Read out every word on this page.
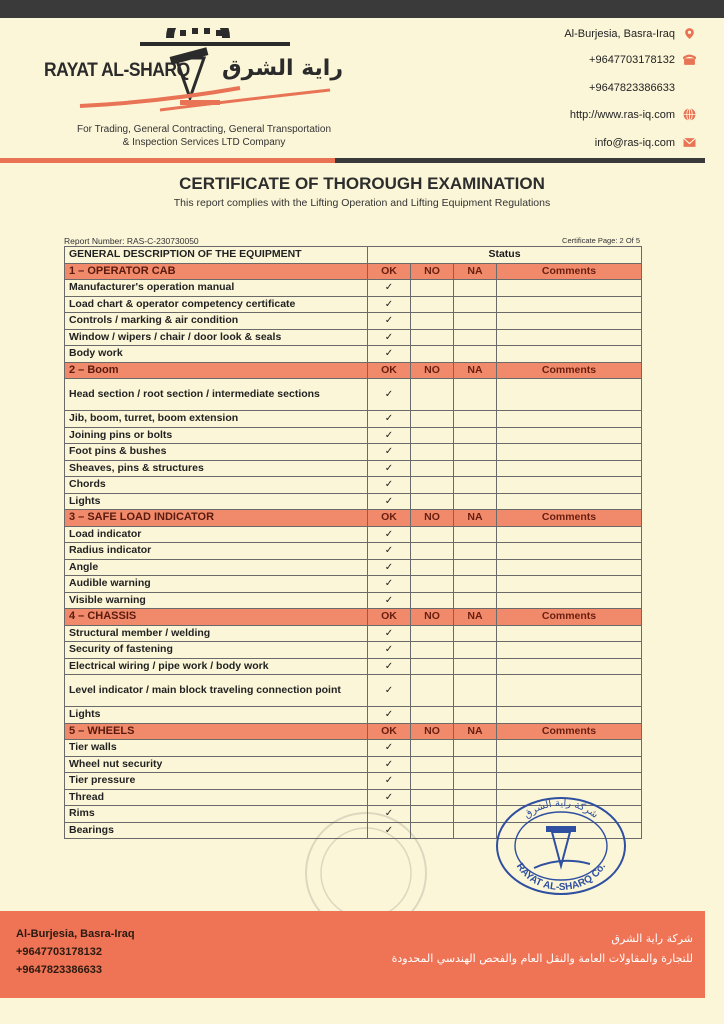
RAYAT AL-SHARQ راية الشرق
For Trading, General Contracting, General Transportation
& Inspection Services LTD Company
Al-Burjesia, Basra-Iraq
+9647703178132
+9647823386633
http://www.ras-iq.com
info@ras-iq.com
CERTIFICATE OF THOROUGH EXAMINATION
This report complies with the Lifting Operation and Lifting Equipment Regulations
Report Number: RAS-C-230730050	Certificate Page: 2 Of 5
GENERAL DESCRIPTION OF THE EQUIPMENT	Status			
1 – OPERATOR CAB	OK	NO	NA	Comments
Manufacturer's operation manual	✓			
Load chart & operator competency certificate	✓			
Controls / marking & air condition	✓			
Window / wipers / chair / door look & seals	✓			
Body work	✓			
2 – Boom	OK	NO	NA	Comments
Head section / root section / intermediate sections	✓			
Jib, boom, turret, boom extension	✓			
Joining pins or bolts	✓			
Foot pins & bushes	✓			
Sheaves, pins & structures	✓			
Chords	✓			
Lights	✓			
3 – SAFE LOAD INDICATOR	OK	NO	NA	Comments
Load indicator	✓			
Radius indicator	✓			
Angle	✓			
Audible warning	✓			
Visible warning	✓			
4 – CHASSIS	OK	NO	NA	Comments
Structural member / welding	✓			
Security of fastening	✓			
Electrical wiring / pipe work / body work	✓			
Level indicator / main block traveling connection point	✓			
Lights	✓			
5 – WHEELS	OK	NO	NA	Comments
Tier walls	✓			
Wheel nut security	✓			
Tier pressure	✓			
Thread	✓			
Rims	✓			
Bearings	✓			
شركة راية الشرق
RAYAT AL-SHARQ Co.
Al-Burjesia, Basra-Iraq
+9647703178132
+9647823386633
شركة راية الشرق
للتجارة والمقاولات العامة والنقل العام والفحص الهندسي المحدودة
